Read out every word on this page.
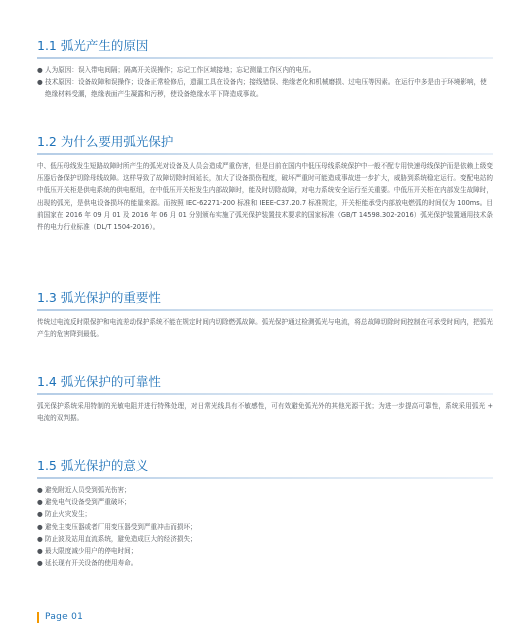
1.1 弧光产生的原因
● 人为原因：误入带电间隔；隔离开关误操作；忘记工作区域接地；忘记测量工作区内的电压。
● 技术原因：设备故障和误操作；设备正常检修后，遗漏工具在设备内；接线错误、绝缘老化和机械磨损、过电压等因素。在运行中多是由于环境影响，使绝缘材料受潮，绝缘表面产生凝露和污秽，使设备绝缘水平下降造成事故。
1.2 为什么要用弧光保护

中、低压母线发生短路故障时所产生的弧光对设备及人员会造成严重伤害，但是目前在国内中低压母线系统保护中一般不配专用快速母线保护而是依赖上级变压器后备保护切除母线故障。这样导致了故障切除时间延长，加大了设备损伤程度，破坏严重时可能造成事故进一步扩大，威胁到系统稳定运行。变配电站的中低压开关柜是供电系统的供电枢纽，在中低压开关柜发生内部故障时，能及时切除故障，对电力系统安全运行至关重要。中低压开关柜在内部发生故障时，出现的弧光，是供电设备损坏的能量来源。而按照 IEC-62271-200 标准和 IEEE-C37.20.7 标准规定，开关柜能承受内部放电燃弧的时间仅为 100ms。目前国家在 2016 年 09 月 01 及 2016 年 06 月 01 分别颁布实施了弧光保护装置技术要求的国家标准（GB/T 14598.302-2016）弧光保护装置通用技术条件的电力行业标准（DL/T 1504-2016）。

1.3 弧光保护的重要性

传统过电流反时限保护和电流差动保护系统不能在规定时间内切除燃弧故障。弧光保护通过检测弧光与电流，将总故障切除时间控制在可承受时间内，把弧光产生的危害降到最低。

1.4 弧光保护的可靠性

弧光保护系统采用特制的光敏电阻并进行特殊处理，对日常光线具有不敏感性，可有效避免弧光外的其他光源干扰；为进一步提高可靠性，系统采用弧光 + 电流的双判据。

1.5 弧光保护的意义
● 避免附近人员受到弧光伤害；
● 避免电气设备受到严重破坏；
● 防止火灾发生；
● 避免主变压器或者厂用变压器受到严重冲击而损坏；
● 防止波及站用直流系统，避免造成巨大的经济损失；
● 最大限度减少用户的停电时间；
● 延长现有开关设备的使用寿命。
Page 01
